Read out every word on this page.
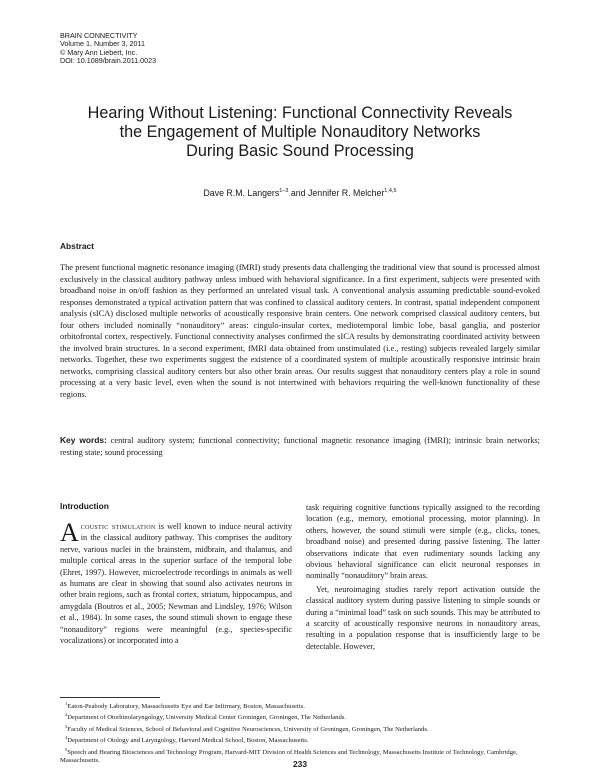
BRAIN CONNECTIVITY
Volume 1, Number 3, 2011
© Mary Ann Liebert, Inc.
DOI: 10.1089/brain.2011.0023
Hearing Without Listening: Functional Connectivity Reveals
the Engagement of Multiple Nonauditory Networks
During Basic Sound Processing
Dave R.M. Langers$^{1-3}$ and Jennifer R. Melcher$^{1,4,5}$
Abstract

The present functional magnetic resonance imaging (fMRI) study presents data challenging the traditional view that sound is processed almost exclusively in the classical auditory pathway unless imbued with behavioral significance. In a first experiment, subjects were presented with broadband noise in on/off fashion as they performed an unrelated visual task. A conventional analysis assuming predictable sound-evoked responses demonstrated a typical activation pattern that was confined to classical auditory centers. In contrast, spatial independent component analysis (sICA) disclosed multiple networks of acoustically responsive brain centers. One network comprised classical auditory centers, but four others included nominally “nonauditory” areas: cingulo-insular cortex, mediotemporal limbic lobe, basal ganglia, and posterior orbitofrontal cortex, respectively. Functional connectivity analyses confirmed the sICA results by demonstrating coordinated activity between the involved brain structures. In a second experiment, fMRI data obtained from unstimulated (i.e., resting) subjects revealed largely similar networks. Together, these two experiments suggest the existence of a coordinated system of multiple acoustically responsive intrinsic brain networks, comprising classical auditory centers but also other brain areas. Our results suggest that nonauditory centers play a role in sound processing at a very basic level, even when the sound is not intertwined with behaviors requiring the well-known functionality of these regions.

Key words: central auditory system; functional connectivity; functional magnetic resonance imaging (fMRI); intrinsic brain networks; resting state; sound processing

Introduction

Acoustic stimulation is well known to induce neural activity in the classical auditory pathway. This comprises the auditory nerve, various nuclei in the brainstem, midbrain, and thalamus, and multiple cortical areas in the superior surface of the temporal lobe (Ehret, 1997). However, microelectrode recordings in animals as well as humans are clear in showing that sound also activates neurons in other brain regions, such as frontal cortex, striatum, hippocampus, and amygdala (Boutros et al., 2005; Newman and Lindsley, 1976; Wilson et al., 1984). In some cases, the sound stimuli shown to engage these “nonauditory” regions were meaningful (e.g., species-specific vocalizations) or incorporated into a

task requiring cognitive functions typically assigned to the recording location (e.g., memory, emotional processing, motor planning). In others, however, the sound stimuli were simple (e.g., clicks, tones, broadband noise) and presented during passive listening. The latter observations indicate that even rudimentary sounds lacking any obvious behavioral significance can elicit neuronal responses in nominally “nonauditory” brain areas.

Yet, neuroimaging studies rarely report activation outside the classical auditory system during passive listening to simple sounds or during a “minimal load” task on such sounds. This may be attributed to a scarcity of acoustically responsive neurons in nonauditory areas, resulting in a population response that is insufficiently large to be detectable. However,

$^1$Eaton-Peabody Laboratory, Massachusetts Eye and Ear Infirmary, Boston, Massachusetts.
$^2$Department of Otorhinolaryngology, University Medical Center Groningen, Groningen, The Netherlands.
$^3$Faculty of Medical Sciences, School of Behavioral and Cognitive Neurosciences, University of Groningen, Groningen, The Netherlands.
$^4$Department of Otology and Laryngology, Harvard Medical School, Boston, Massachusetts.
$^5$Speech and Hearing Biosciences and Technology Program, Harvard-MIT Division of Health Sciences and Technology, Massachusetts Institute of Technology, Cambridge, Massachusetts.	233
